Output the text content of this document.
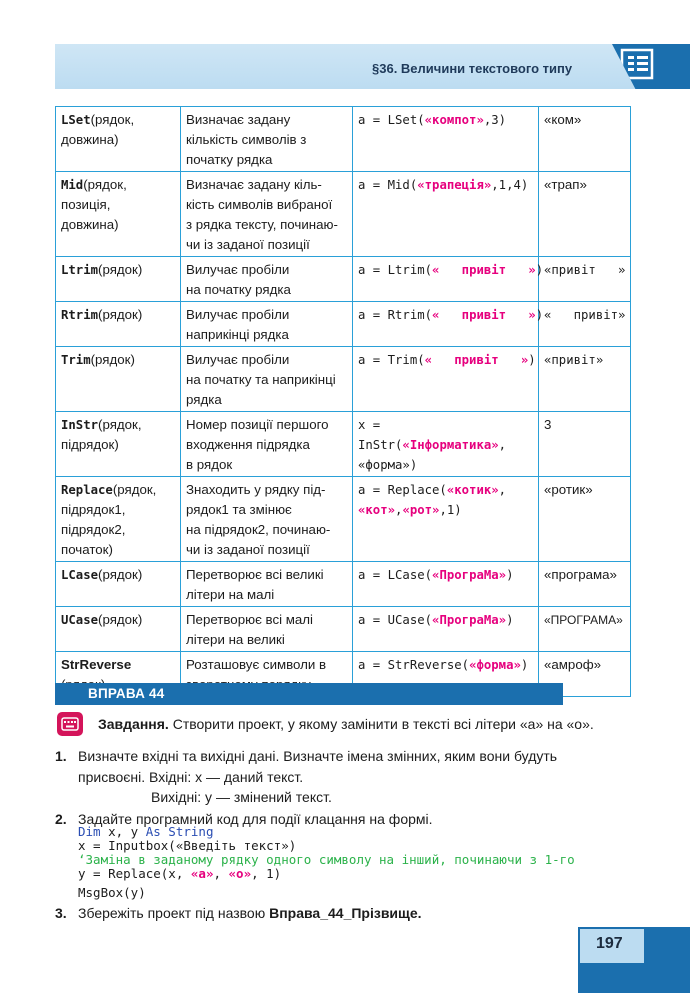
§36. Величини текстового типу
LSet(рядок,
довжина)	Визначає задану
кількість символів з
початку рядка	a = LSet(«компот»,3)	«ком»
Mid(рядок,
позиція,
довжина)	Визначає задану кіль-
кість символів вибраної
з рядка тексту, починаю-
чи із заданої позиції	a = Mid(«трапеція»,1,4)	«трап»
Ltrim(рядок)	Вилучає пробіли
на початку рядка	a = Ltrim(«   привіт   »)	«привіт   »
Rtrim(рядок)	Вилучає пробіли
наприкінці рядка	a = Rtrim(«   привіт   »)	«   привіт»
Trim(рядок)	Вилучає пробіли
на початку та наприкінці
рядка	a = Trim(«   привіт   »)	«привіт»
InStr(рядок,
підрядок)	Номер позиції першого
входження підрядка
в рядок	x = InStr(«Інформатика»,
«форма»)	3
Replace(рядок,
підрядок1,
підрядок2,
початок)	Знаходить у рядку під-
рядок1 та змінює
на підрядок2, починаю-
чи із заданої позиції	a = Replace(«котик»,
«кот»,«рот»,1)	«ротик»
LCase(рядок)	Перетворює всі великі
літери на малі	a = LCase(«ПрограМа»)	«програма»
UCase(рядок)	Перетворює всі малі
літери на великі	a = UCase(«ПрограМа»)	«ПРОГРАМА»
StrReverse	Розташовує символи в	a = StrReverse(«форма»)	«амроф»
ВПРАВА 44
Завдання. Створити проект, у якому замінити в тексті всі літери «а» на «о».
1. Визначте вхідні та вихідні дані. Визначте імена змінних, яким вони будуть
присвоєні. Вхідні: x — даний текст.
Вихідні: y — змінений текст.
2. Задайте програмний код для події клацання на формі.
Dim x, y As String
x = Inputbox(«Введіть текст»)
‘Заміна в заданому рядку одного символу на інший, починаючи з 1-го
y = Replace(x, «а», «о», 1)
MsgBox(y)
3. Збережіть проект під назвою Вправа_44_Прізвище.
197
